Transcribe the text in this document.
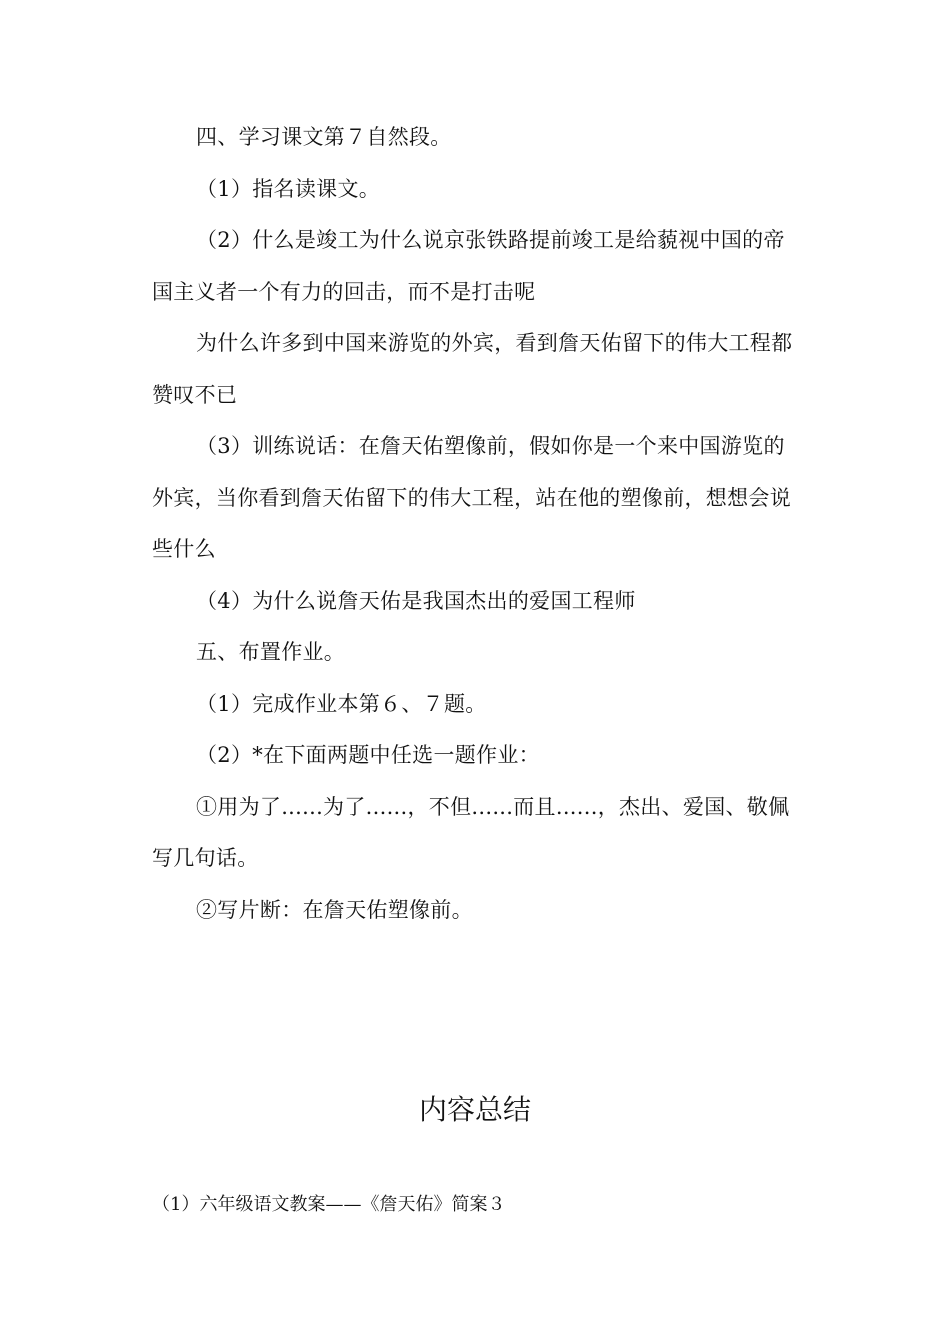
四、学习课文第７自然段。

（1）指名读课文。

（2）什么是竣工为什么说京张铁路提前竣工是给藐视中国的帝国主义者一个有力的回击，而不是打击呢

为什么许多到中国来游览的外宾，看到詹天佑留下的伟大工程都赞叹不已

（3）训练说话：在詹天佑塑像前，假如你是一个来中国游览的外宾，当你看到詹天佑留下的伟大工程，站在他的塑像前，想想会说些什么

（4）为什么说詹天佑是我国杰出的爱国工程师

五、布置作业。

（1）完成作业本第６、７题。

（2）*在下面两题中任选一题作业：

①用为了......为了......，不但......而且......，杰出、爱国、敬佩写几句话。

②写片断：在詹天佑塑像前。

内容总结

（1）六年级语文教案——《詹天佑》简案３
